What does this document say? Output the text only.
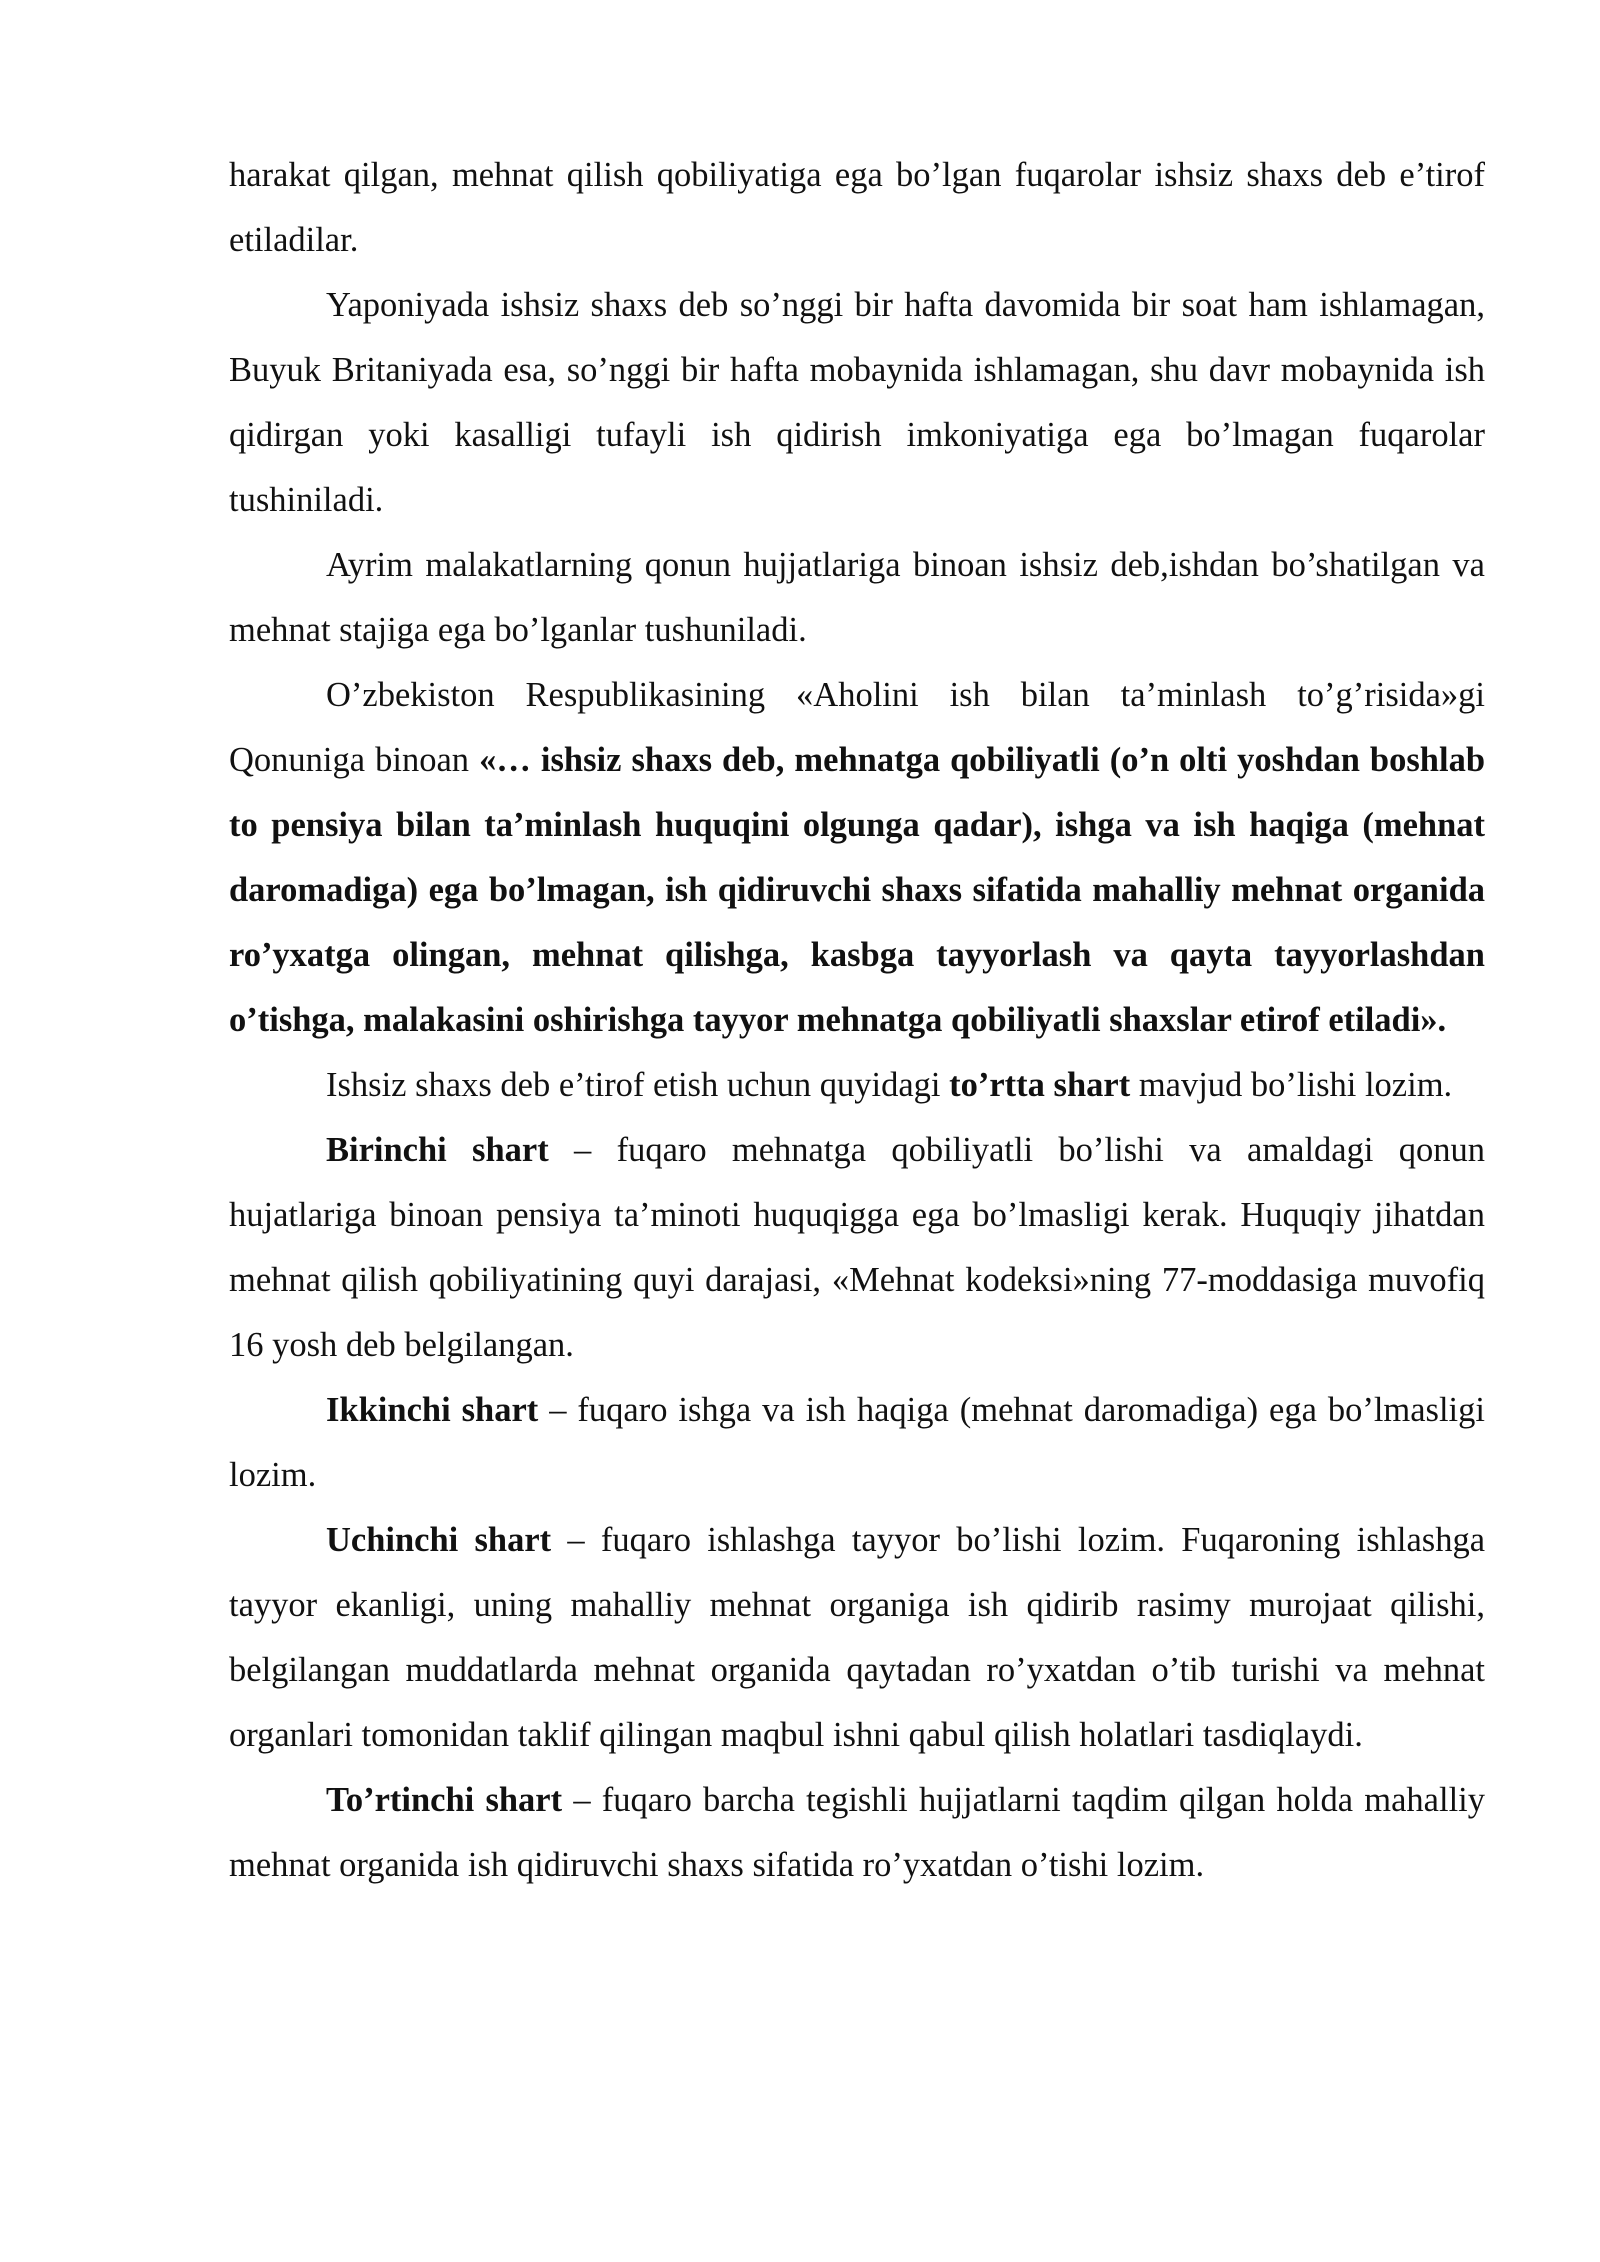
harakat qilgan, mehnat qilish qobiliyatiga ega bo’lgan fuqarolar ishsiz shaxs deb e’tirof etiladilar.

Yaponiyada ishsiz shaxs deb so’nggi bir hafta davomida bir soat ham ishlamagan, Buyuk Britaniyada esa, so’nggi bir hafta mobaynida ishlamagan, shu davr mobaynida ish qidirgan yoki kasalligi tufayli ish qidirish imkoniyatiga ega bo’lmagan fuqarolar tushiniladi.

Ayrim malakatlarning qonun hujjatlariga binoan ishsiz deb,ishdan bo’shatilgan va mehnat stajiga ega bo’lganlar tushuniladi.

O’zbekiston Respublikasining «Aholini ish bilan ta’minlash to’g’risida»gi Qonuniga binoan «… ishsiz shaxs deb, mehnatga qobiliyatli (o’n olti yoshdan boshlab to pensiya bilan ta’minlash huquqini olgunga qadar), ishga va ish haqiga (mehnat daromadiga) ega bo’lmagan, ish qidiruvchi shaxs sifatida mahalliy mehnat organida ro’yxatga olingan, mehnat qilishga, kasbga tayyorlash va qayta tayyorlashdan o’tishga, malakasini oshirishga tayyor mehnatga qobiliyatli shaxslar etirof etiladi».

Ishsiz shaxs deb e’tirof etish uchun quyidagi to’rtta shart mavjud bo’lishi lozim.

Birinchi shart – fuqaro mehnatga qobiliyatli bo’lishi va amaldagi qonun hujatlariga binoan pensiya ta’minoti huquqigga ega bo’lmasligi kerak. Huquqiy jihatdan mehnat qilish qobiliyatining quyi darajasi, «Mehnat kodeksi»ning 77-moddasiga muvofiq 16 yosh deb belgilangan.

Ikkinchi shart – fuqaro ishga va ish haqiga (mehnat daromadiga) ega bo’lmasligi lozim.

Uchinchi shart – fuqaro ishlashga tayyor bo’lishi lozim. Fuqaroning ishlashga tayyor ekanligi, uning mahalliy mehnat organiga ish qidirib rasimy murojaat qilishi, belgilangan muddatlarda mehnat organida qaytadan ro’yxatdan o’tib turishi va mehnat organlari tomonidan taklif qilingan maqbul ishni qabul qilish holatlari tasdiqlaydi.

To’rtinchi shart – fuqaro barcha tegishli hujjatlarni taqdim qilgan holda mahalliy mehnat organida ish qidiruvchi shaxs sifatida ro’yxatdan o’tishi lozim.
